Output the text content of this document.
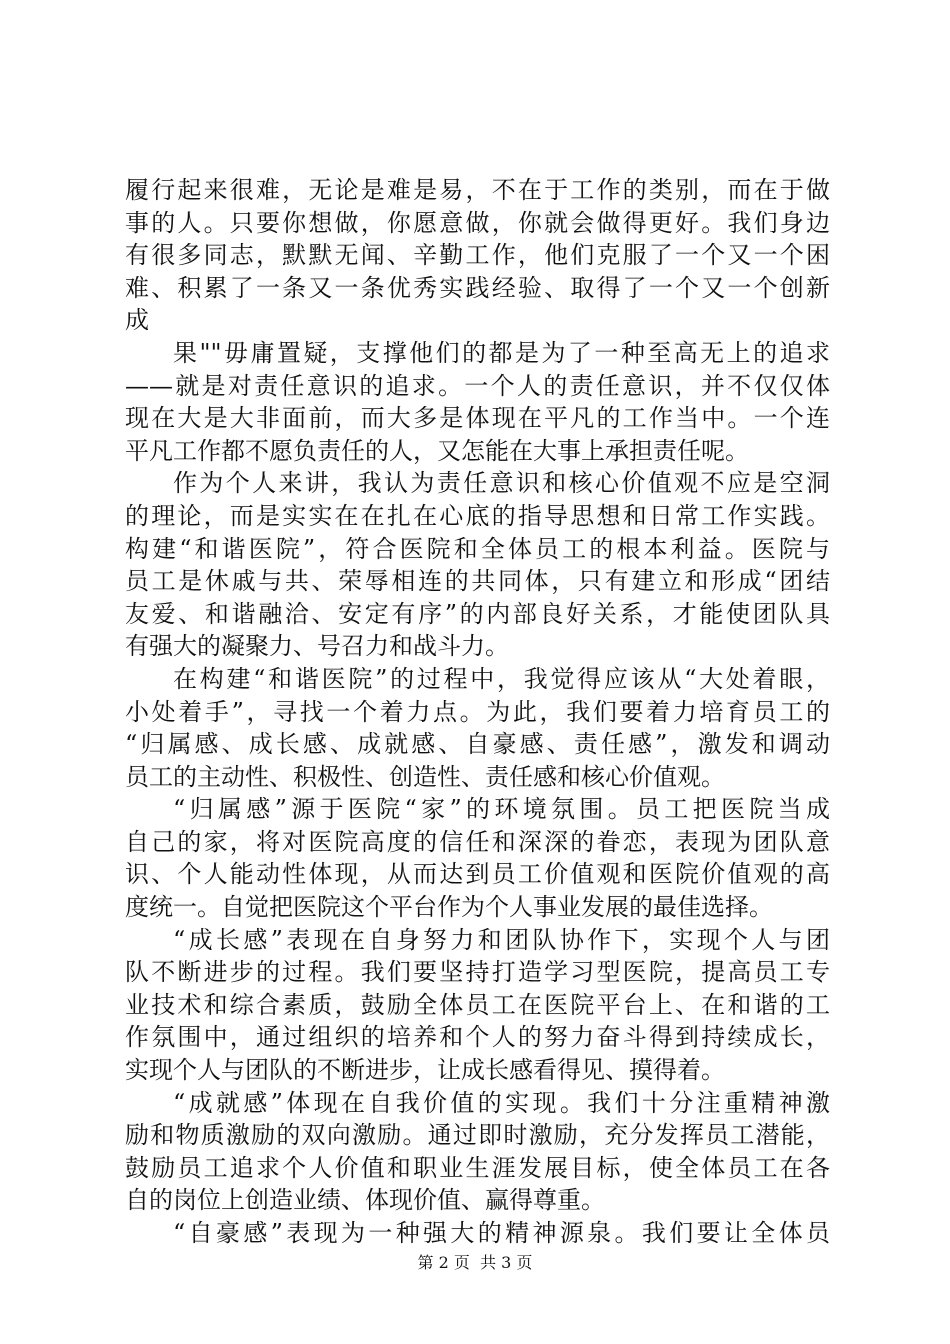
履行起来很难，无论是难是易，不在于工作的类别，而在于做
事的人。只要你想做，你愿意做，你就会做得更好。我们身边
有很多同志，默默无闻、辛勤工作，他们克服了一个又一个困
难、积累了一条又一条优秀实践经验、取得了一个又一个创新
成
果""毋庸置疑，支撑他们的都是为了一种至高无上的追求
——就是对责任意识的追求。一个人的责任意识，并不仅仅体
现在大是大非面前，而大多是体现在平凡的工作当中。一个连
平凡工作都不愿负责任的人，又怎能在大事上承担责任呢。
作为个人来讲，我认为责任意识和核心价值观不应是空洞
的理论，而是实实在在扎在心底的指导思想和日常工作实践。
构建“和谐医院”，符合医院和全体员工的根本利益。医院与
员工是休戚与共、荣辱相连的共同体，只有建立和形成“团结
友爱、和谐融洽、安定有序”的内部良好关系，才能使团队具
有强大的凝聚力、号召力和战斗力。
在构建“和谐医院”的过程中，我觉得应该从“大处着眼，
小处着手”，寻找一个着力点。为此，我们要着力培育员工的
“归属感、成长感、成就感、自豪感、责任感”，激发和调动
员工的主动性、积极性、创造性、责任感和核心价值观。
“归属感”源于医院“家”的环境氛围。员工把医院当成
自己的家，将对医院高度的信任和深深的眷恋，表现为团队意
识、个人能动性体现，从而达到员工价值观和医院价值观的高
度统一。自觉把医院这个平台作为个人事业发展的最佳选择。
“成长感”表现在自身努力和团队协作下，实现个人与团
队不断进步的过程。我们要坚持打造学习型医院，提高员工专
业技术和综合素质，鼓励全体员工在医院平台上、在和谐的工
作氛围中，通过组织的培养和个人的努力奋斗得到持续成长，
实现个人与团队的不断进步，让成长感看得见、摸得着。
“成就感”体现在自我价值的实现。我们十分注重精神激
励和物质激励的双向激励。通过即时激励，充分发挥员工潜能，
鼓励员工追求个人价值和职业生涯发展目标，使全体员工在各
自的岗位上创造业绩、体现价值、赢得尊重。
“自豪感”表现为一种强大的精神源泉。我们要让全体员
第 2 页  共 3 页
